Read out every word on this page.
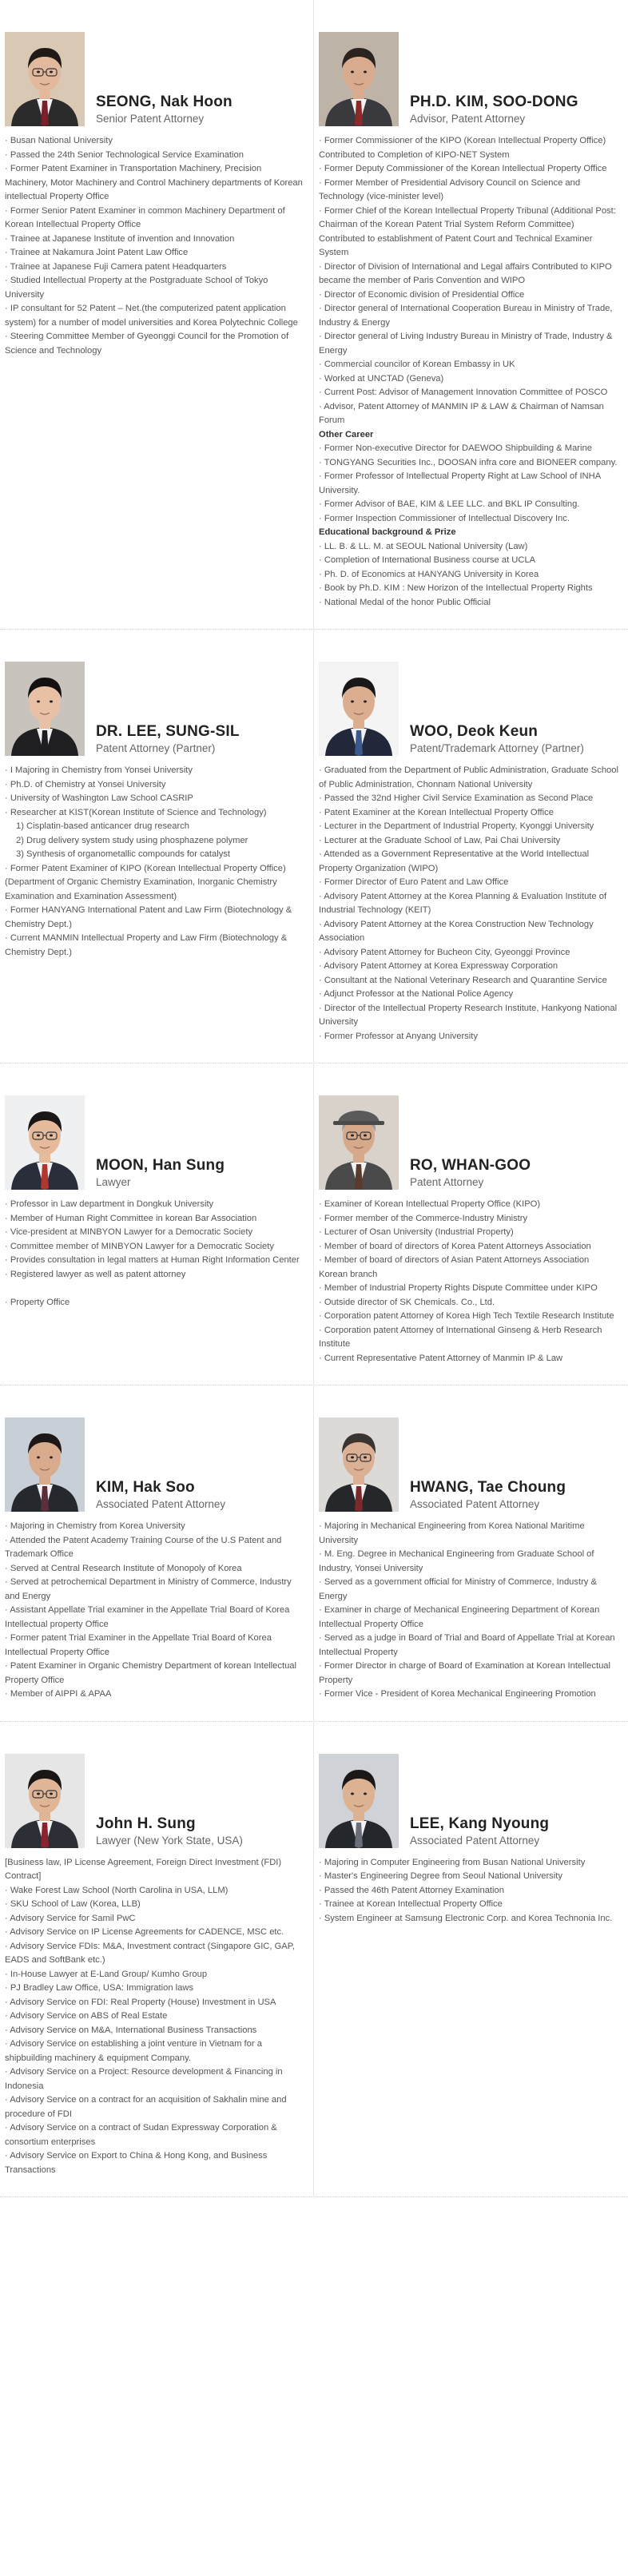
SEONG, Nak Hoon
Senior Patent Attorney
· Busan National University
· Passed the 24th Senior Technological Service Examination
· Former Patent Examiner in Transportation Machinery, Precision Machinery, Motor Machinery and Control Machinery departments of Korean intellectual Property Office
· Former Senior Patent Examiner in common Machinery Department of Korean Intellectual Property Office
· Trainee at Japanese Institute of invention and Innovation
· Trainee at Nakamura Joint Patent Law Office
· Trainee at Japanese Fuji Camera patent Headquarters
· Studied Intellectual Property at the Postgraduate School of Tokyo University
· IP consultant for 52 Patent – Net.(the computerized patent application system) for a number of model universities and Korea Polytechnic College
· Steering Committee Member of Gyeonggi Council for the Promotion of Science and Technology
PH.D. KIM, SOO-DONG
Advisor, Patent Attorney
· Former Commissioner of the KIPO (Korean Intellectual Property Office) Contributed to Completion of KIPO-NET System
· Former Deputy Commissioner of the Korean Intellectual Property Office
· Former Member of Presidential Advisory Council on Science and Technology (vice-minister level)
· Former Chief of the Korean Intellectual Property Tribunal (Additional Post: Chairman of the Korean Patent Trial System Reform Committee) Contributed to establishment of Patent Court and Technical Examiner System
· Director of Division of International and Legal affairs Contributed to KIPO became the member of Paris Convention and WIPO
· Director of Economic division of Presidential Office
· Director general of International Cooperation Bureau in Ministry of Trade, Industry & Energy
· Director general of Living Industry Bureau in Ministry of Trade, Industry & Energy
· Commercial councilor of Korean Embassy in UK
· Worked at UNCTAD (Geneva)
· Current Post: Advisor of Management Innovation Committee of POSCO
· Advisor, Patent Attorney of MANMIN IP & LAW & Chairman of Namsan Forum
Other Career
· Former Non-executive Director for DAEWOO Shipbuilding & Marine
· TONGYANG Securities Inc., DOOSAN infra core and BIONEER company.
· Former Professor of Intellectual Property Right at Law School of INHA University.
· Former Advisor of BAE, KIM & LEE LLC. and BKL IP Consulting.
· Former Inspection Commissioner of Intellectual Discovery Inc.
Educational background & Prize
· LL. B. & LL. M. at SEOUL National University (Law)
· Completion of International Business course at UCLA
· Ph. D. of Economics at HANYANG University in Korea
· Book by Ph.D. KIM : New Horizon of the Intellectual Property Rights
· National Medal of the honor Public Official
DR. LEE, SUNG-SIL
Patent Attorney (Partner)
· I Majoring in Chemistry from Yonsei University
· Ph.D. of Chemistry at Yonsei University
· University of Washington Law School CASRIP
· Researcher at KIST(Korean Institute of Science and Technology)
1) Cisplatin-based anticancer drug research
2) Drug delivery system study using phosphazene polymer
3) Synthesis of organometallic compounds for catalyst
· Former Patent Examiner of KIPO (Korean Intellectual Property Office) (Department of Organic Chemistry Examination, Inorganic Chemistry Examination and Examination Assessment)
· Former HANYANG International Patent and Law Firm (Biotechnology & Chemistry Dept.)
· Current MANMIN Intellectual Property and Law Firm (Biotechnology & Chemistry Dept.)
WOO, Deok Keun
Patent/Trademark Attorney (Partner)
· Graduated from the Department of Public Administration, Graduate School of Public Administration, Chonnam National University
· Passed the 32nd Higher Civil Service Examination as Second Place
· Patent Examiner at the Korean Intellectual Property Office
· Lecturer in the Department of Industrial Property, Kyonggi University
· Lecturer at the Graduate School of Law, Pai Chai University
· Attended as a Government Representative at the World Intellectual Property Organization (WIPO)
· Former Director of Euro Patent and Law Office
· Advisory Patent Attorney at the Korea Planning & Evaluation Institute of Industrial Technology (KEIT)
· Advisory Patent Attorney at the Korea Construction New Technology Association
· Advisory Patent Attorney for Bucheon City, Gyeonggi Province
· Advisory Patent Attorney at Korea Expressway Corporation
· Consultant at the National Veterinary Research and Quarantine Service
· Adjunct Professor at the National Police Agency
· Director of the Intellectual Property Research Institute, Hankyong National University
· Former Professor at Anyang University
MOON, Han Sung
Lawyer
· Professor in Law department in Dongkuk University
· Member of Human Right Committee in korean Bar Association
· Vice-president at MINBYON Lawyer for a Democratic Society
· Committee member of MINBYON Lawyer for a Democratic Society
· Provides consultation in legal matters at Human Right Information Center
· Registered lawyer as well as patent attorney

· Property Office
RO, WHAN-GOO
Patent Attorney
· Examiner of Korean Intellectual Property Office (KIPO)
· Former member of the Commerce-Industry Ministry
· Lecturer of Osan University (Industrial Property)
· Member of board of directors of Korea Patent Attorneys Association
· Member of board of directors of Asian Patent Attorneys Association Korean branch
· Member of Industrial Property Rights Dispute Committee under KIPO
· Outside director of SK Chemicals. Co., Ltd.
· Corporation patent Attorney of Korea High Tech Textile Research Institute
· Corporation patent Attorney of International Ginseng & Herb Research Institute
· Current Representative Patent Attorney of Manmin IP & Law
KIM, Hak Soo
Associated Patent Attorney
· Majoring in Chemistry from Korea University
· Attended the Patent Academy Training Course of the U.S Patent and Trademark Office
· Served at Central Research Institute of Monopoly of Korea
· Served at petrochemical Department in Ministry of Commerce, Industry and Energy
· Assistant Appellate Trial examiner in the Appellate Trial Board of Korea Intellectual property Office
· Former patent Trial Examiner in the Appellate Trial Board of Korea Intellectual Property Office
· Patent Examiner in Organic Chemistry Department of korean Intellectual Property Office
· Member of AIPPI & APAA
HWANG, Tae Choung
Associated Patent Attorney
· Majoring in Mechanical Engineering from Korea National Maritime University
· M. Eng. Degree in Mechanical Engineering from Graduate School of Industry, Yonsei University
· Served as a government official for Ministry of Commerce, Industry & Energy
· Examiner in charge of Mechanical Engineering Department of Korean Intellectual Property Office
· Served as a judge in Board of Trial and Board of Appellate Trial at Korean Intellectual Property
· Former Director in charge of Board of Examination at Korean Intellectual Property
· Former Vice - President of Korea Mechanical Engineering Promotion
John H. Sung
Lawyer (New York State, USA)
[Business law, IP License Agreement, Foreign Direct Investment (FDI) Contract]
· Wake Forest Law School (North Carolina in USA, LLM)
· SKU School of Law (Korea, LLB)
· Advisory Service for Samil PwC
· Advisory Service on IP License Agreements for CADENCE, MSC etc.
· Advisory Service FDIs: M&A, Investment contract (Singapore GIC, GAP, EADS and SoftBank etc.)
· In-House Lawyer at E-Land Group/ Kumho Group
· PJ Bradley Law Office, USA: Immigration laws
· Advisory Service on FDI: Real Property (House) Investment in USA
· Advisory Service on ABS of Real Estate
· Advisory Service on M&A, International Business Transactions
· Advisory Service on establishing a joint venture in Vietnam for a shipbuilding machinery & equipment Company.
· Advisory Service on a Project: Resource development & Financing in Indonesia
· Advisory Service on a contract for an acquisition of Sakhalin mine and procedure of FDI
· Advisory Service on a contract of Sudan Expressway Corporation & consortium enterprises
· Advisory Service on Export to China & Hong Kong, and Business Transactions
LEE, Kang Nyoung
Associated Patent Attorney
· Majoring in Computer Engineering from Busan National University
· Master's Engineering Degree from Seoul National University
· Passed the 46th Patent Attorney Examination
· Trainee at Korean Intellectual Property Office
· System Engineer at Samsung Electronic Corp. and Korea Technonia Inc.
